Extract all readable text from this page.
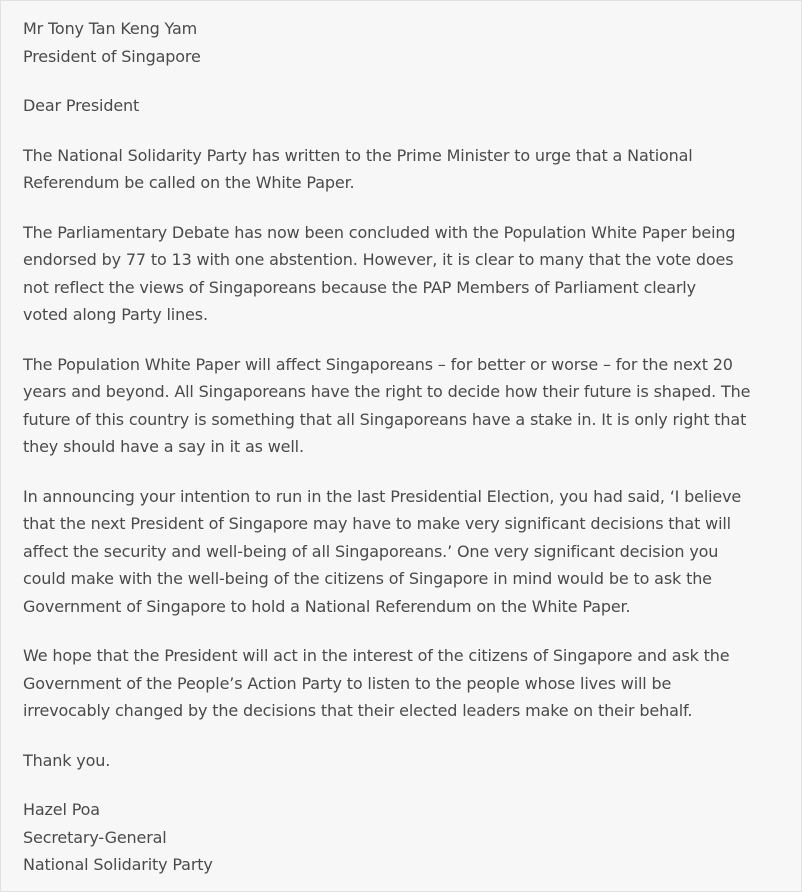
Mr Tony Tan Keng Yam
President of Singapore
Dear President

The National Solidarity Party has written to the Prime Minister to urge that a National
Referendum be called on the White Paper.

The Parliamentary Debate has now been concluded with the Population White Paper being
endorsed by 77 to 13 with one abstention. However, it is clear to many that the vote does
not reflect the views of Singaporeans because the PAP Members of Parliament clearly
voted along Party lines.

The Population White Paper will affect Singaporeans – for better or worse – for the next 20
years and beyond. All Singaporeans have the right to decide how their future is shaped. The
future of this country is something that all Singaporeans have a stake in. It is only right that
they should have a say in it as well.

In announcing your intention to run in the last Presidential Election, you had said, ‘I believe
that the next President of Singapore may have to make very significant decisions that will
affect the security and well-being of all Singaporeans.’ One very significant decision you
could make with the well-being of the citizens of Singapore in mind would be to ask the
Government of Singapore to hold a National Referendum on the White Paper.

We hope that the President will act in the interest of the citizens of Singapore and ask the
Government of the People’s Action Party to listen to the people whose lives will be
irrevocably changed by the decisions that their elected leaders make on their behalf.

Thank you.
Hazel Poa
Secretary-General
National Solidarity Party
